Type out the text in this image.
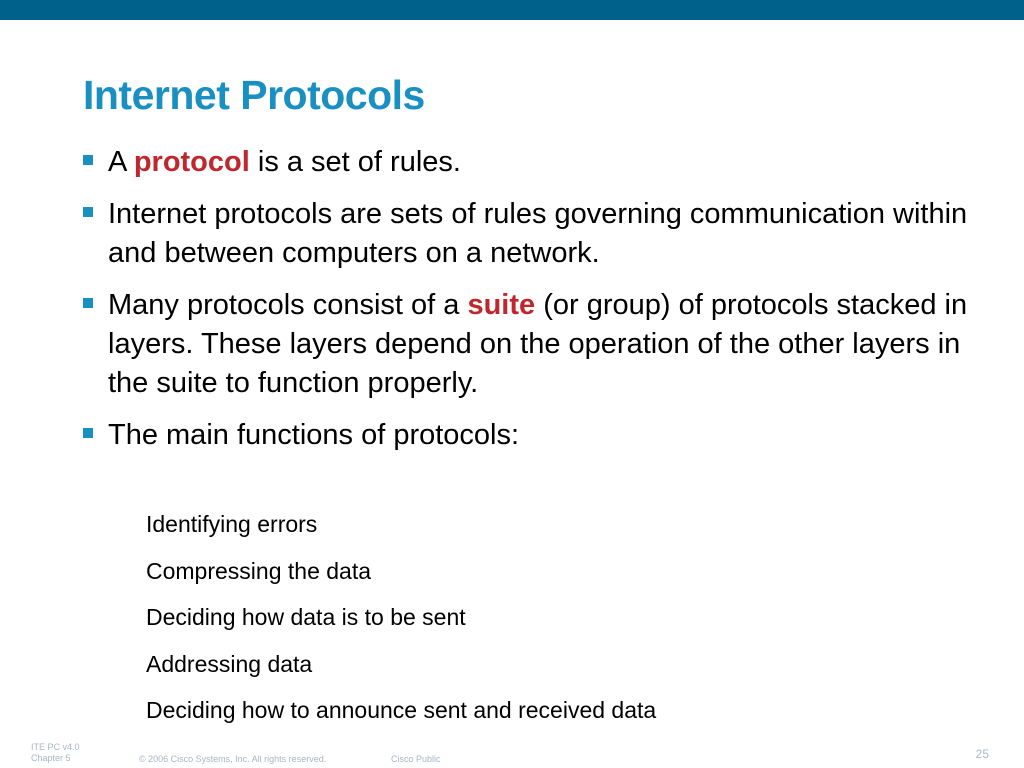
Internet Protocols
A protocol is a set of rules.
Internet protocols are sets of rules governing communication within and between computers on a network.
Many protocols consist of a suite (or group) of protocols stacked in layers. These layers depend on the operation of the other layers in the suite to function properly.
The main functions of protocols:
Identifying errors
Compressing the data
Deciding how data is to be sent
Addressing data
Deciding how to announce sent and received data
ITE PC v4.0
Chapter 5	© 2006 Cisco Systems, Inc. All rights reserved.	Cisco Public	25
